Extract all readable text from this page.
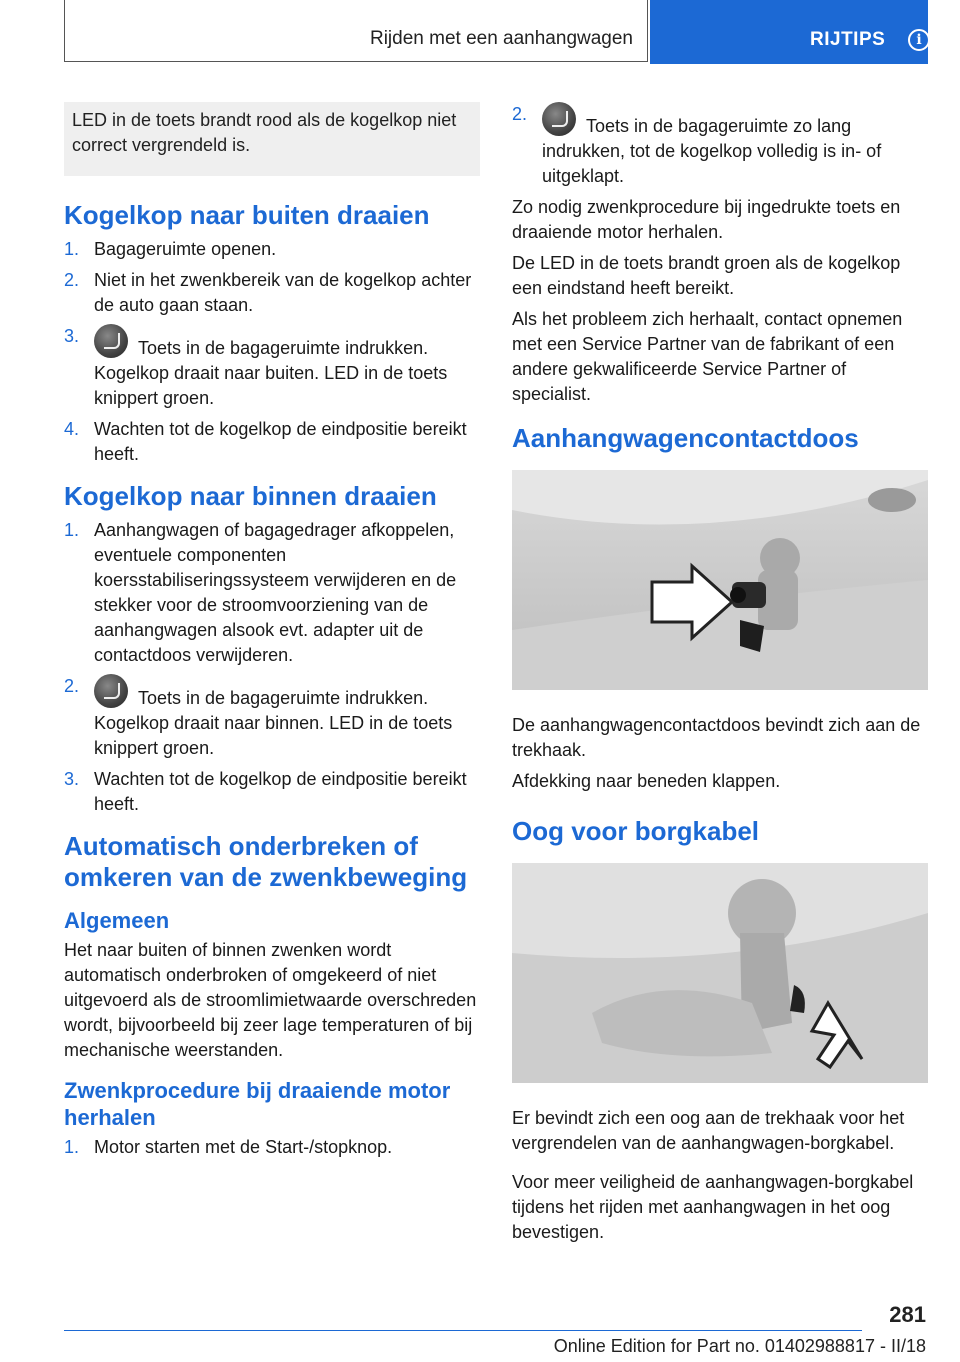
Rijden met een aanhangwagen	RIJTIPS	i
LED in de toets brandt rood als de kogelkop niet correct vergrendeld is.
Kogelkop naar buiten draaien
1. Bagageruimte openen.
2. Niet in het zwenkbereik van de kogelkop achter de auto gaan staan.
3.
Toets in de bagageruimte indrukken.
Kogelkop draait naar buiten. LED in de toets knippert groen.
4. Wachten tot de kogelkop de eindpositie bereikt heeft.
Kogelkop naar binnen draaien
1. Aanhangwagen of bagagedrager afkoppelen, eventuele componenten koersstabiliseringssysteem verwijderen en de stekker voor de stroomvoorziening van de aanhangwagen alsook evt. adapter uit de contactdoos verwijderen.
2.
Toets in de bagageruimte indrukken.
Kogelkop draait naar binnen. LED in de toets knippert groen.
3. Wachten tot de kogelkop de eindpositie bereikt heeft.
Automatisch onderbreken of omkeren van de zwenkbeweging
Algemeen

Het naar buiten of binnen zwenken wordt automatisch onderbroken of omgekeerd of niet uitgevoerd als de stroomlimietwaarde overschreden wordt, bijvoorbeeld bij zeer lage temperaturen of bij mechanische weerstanden.

Zwenkprocedure bij draaiende motor herhalen
1. Motor starten met de Start-/stopknop.
2.
Toets in de bagageruimte zo lang indrukken, tot de kogelkop volledig is in- of uitgeklapt.

Zo nodig zwenkprocedure bij ingedrukte toets en draaiende motor herhalen.

De LED in de toets brandt groen als de kogelkop een eindstand heeft bereikt.

Als het probleem zich herhaalt, contact opnemen met een Service Partner van de fabrikant of een andere gekwalificeerde Service Partner of specialist.

Aanhangwagencontactdoos

De aanhangwagencontactdoos bevindt zich aan de trekhaak.

Afdekking naar beneden klappen.

Oog voor borgkabel

Er bevindt zich een oog aan de trekhaak voor het vergrendelen van de aanhangwagen-borgkabel.

Voor meer veiligheid de aanhangwagen-borgkabel tijdens het rijden met aanhangwagen in het oog bevestigen.

281
Online Edition for Part no. 01402988817 - II/18
